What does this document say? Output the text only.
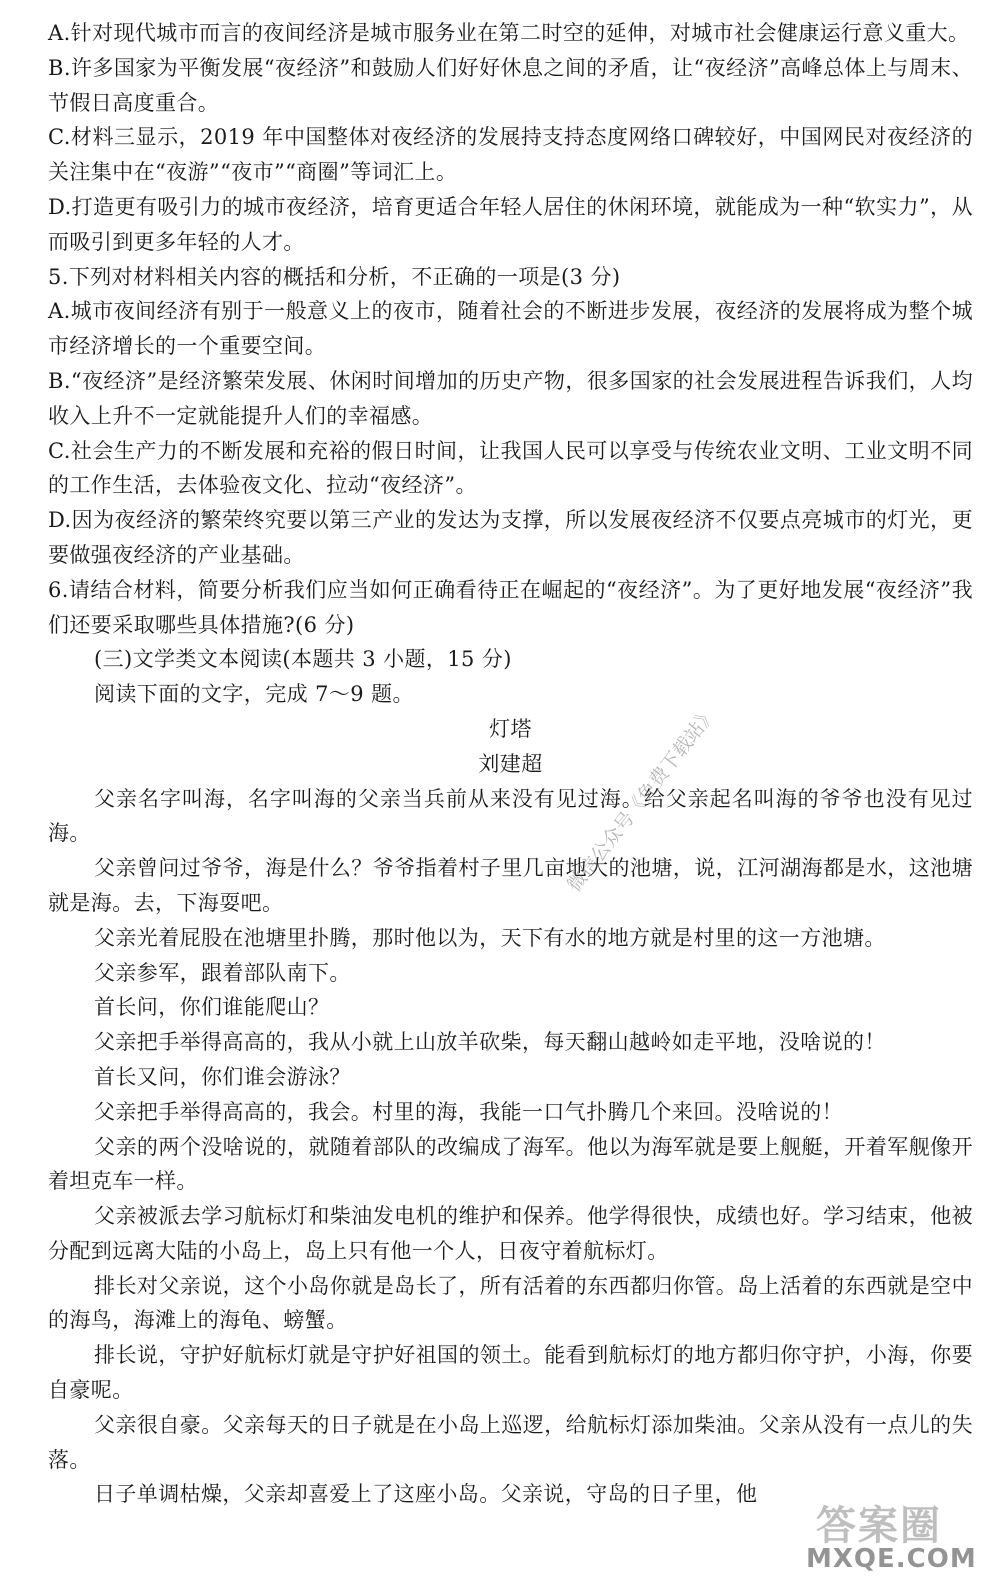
A.针对现代城市而言的夜间经济是城市服务业在第二时空的延伸，对城市社会健康运行意义重大。

B.许多国家为平衡发展“夜经济”和鼓励人们好好休息之间的矛盾，让“夜经济”高峰总体上与周末、节假日高度重合。

C.材料三显示，2019 年中国整体对夜经济的发展持支持态度网络口碑较好，中国网民对夜经济的关注集中在“夜游”“夜市”“商圈”等词汇上。

D.打造更有吸引力的城市夜经济，培育更适合年轻人居住的休闲环境，就能成为一种“软实力”，从而吸引到更多年轻的人才。

5.下列对材料相关内容的概括和分析，不正确的一项是(3 分)

A.城市夜间经济有别于一般意义上的夜市，随着社会的不断进步发展，夜经济的发展将成为整个城市经济增长的一个重要空间。

B.“夜经济”是经济繁荣发展、休闲时间增加的历史产物，很多国家的社会发展进程告诉我们，人均收入上升不一定就能提升人们的幸福感。

C.社会生产力的不断发展和充裕的假日时间，让我国人民可以享受与传统农业文明、工业文明不同的工作生活，去体验夜文化、拉动“夜经济”。

D.因为夜经济的繁荣终究要以第三产业的发达为支撑，所以发展夜经济不仅要点亮城市的灯光，更要做强夜经济的产业基础。

6.请结合材料，简要分析我们应当如何正确看待正在崛起的“夜经济”。为了更好地发展“夜经济”我们还要采取哪些具体措施?(6 分)

(三)文学类文本阅读(本题共 3 小题，15 分)

阅读下面的文字，完成 7～9 题。

灯塔

刘建超

父亲名字叫海，名字叫海的父亲当兵前从来没有见过海。给父亲起名叫海的爷爷也没有见过海。

父亲曾问过爷爷，海是什么？爷爷指着村子里几亩地大的池塘，说，江河湖海都是水，这池塘就是海。去，下海耍吧。

父亲光着屁股在池塘里扑腾，那时他以为，天下有水的地方就是村里的这一方池塘。

父亲参军，跟着部队南下。

首长问，你们谁能爬山？

父亲把手举得高高的，我从小就上山放羊砍柴，每天翻山越岭如走平地，没啥说的！

首长又问，你们谁会游泳？

父亲把手举得高高的，我会。村里的海，我能一口气扑腾几个来回。没啥说的！

父亲的两个没啥说的，就随着部队的改编成了海军。他以为海军就是要上舰艇，开着军舰像开着坦克车一样。

父亲被派去学习航标灯和柴油发电机的维护和保养。他学得很快，成绩也好。学习结束，他被分配到远离大陆的小岛上，岛上只有他一个人，日夜守着航标灯。

排长对父亲说，这个小岛你就是岛长了，所有活着的东西都归你管。岛上活着的东西就是空中的海鸟，海滩上的海龟、螃蟹。

排长说，守护好航标灯就是守护好祖国的领土。能看到航标灯的地方都归你守护，小海，你要自豪呢。

父亲很自豪。父亲每天的日子就是在小岛上巡逻，给航标灯添加柴油。父亲从没有一点儿的失落。

日子单调枯燥，父亲却喜爱上了这座小岛。父亲说，守岛的日子里，他

微信公众号《免费下载站》
答案圈
MXQE.COM
